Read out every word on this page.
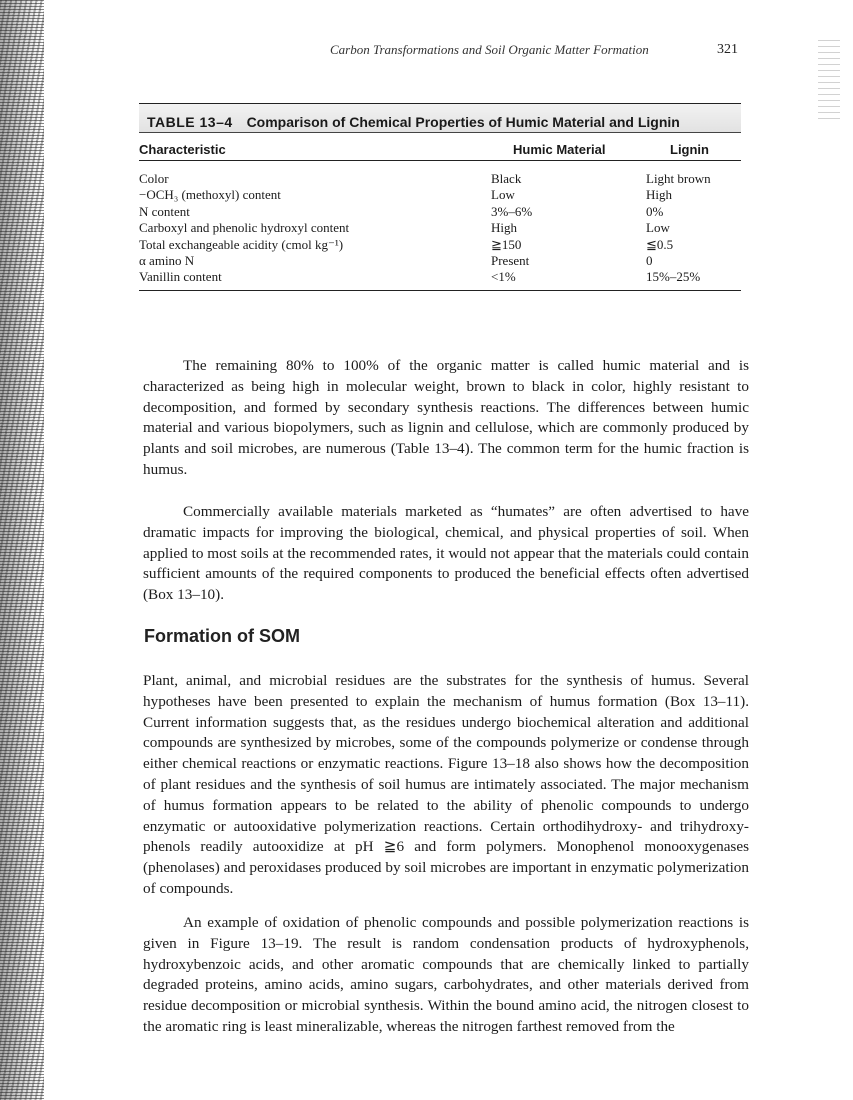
Carbon Transformations and Soil Organic Matter Formation	321
TABLE 13–4 Comparison of Chemical Properties of Humic Material and Lignin
Characteristic	Humic Material	Lignin
Color	Black	Light brown
−OCH₃ (methoxyl) content	Low	High
N content	3%–6%	0%
Carboxyl and phenolic hydroxyl content	High	Low
Total exchangeable acidity (cmol kg⁻¹)	≧150	≦0.5
α amino N	Present	0
Vanillin content	<1%	15%–25%

The remaining 80% to 100% of the organic matter is called humic material and is characterized as being high in molecular weight, brown to black in color, highly resistant to decomposition, and formed by secondary synthesis reactions. The differences between humic material and various biopolymers, such as lignin and cellulose, which are commonly produced by plants and soil microbes, are numerous (Table 13–4). The common term for the humic fraction is humus.

Commercially available materials marketed as “humates” are often advertised to have dramatic impacts for improving the biological, chemical, and physical properties of soil. When applied to most soils at the recommended rates, it would not appear that the materials could contain sufficient amounts of the required components to produced the beneficial effects often advertised (Box 13–10).

Formation of SOM

Plant, animal, and microbial residues are the substrates for the synthesis of humus. Several hypotheses have been presented to explain the mechanism of humus formation (Box 13–11). Current information suggests that, as the residues undergo biochemical alteration and additional compounds are synthesized by microbes, some of the compounds polymerize or condense through either chemical reactions or enzymatic reactions. Figure 13–18 also shows how the decomposition of plant residues and the synthesis of soil humus are intimately associated. The major mechanism of humus formation appears to be related to the ability of phenolic compounds to undergo enzymatic or autooxidative polymerization reactions. Certain orthodihydroxy- and trihydroxy-phenols readily autooxidize at pH ≧6 and form polymers. Monophenol monooxygenases (phenolases) and peroxidases produced by soil microbes are important in enzymatic polymerization of compounds.

An example of oxidation of phenolic compounds and possible polymerization reactions is given in Figure 13–19. The result is random condensation products of hydroxyphenols, hydroxybenzoic acids, and other aromatic compounds that are chemically linked to partially degraded proteins, amino acids, amino sugars, carbohydrates, and other materials derived from residue decomposition or microbial synthesis. Within the bound amino acid, the nitrogen closest to the aromatic ring is least mineralizable, whereas the nitrogen farthest removed from the
